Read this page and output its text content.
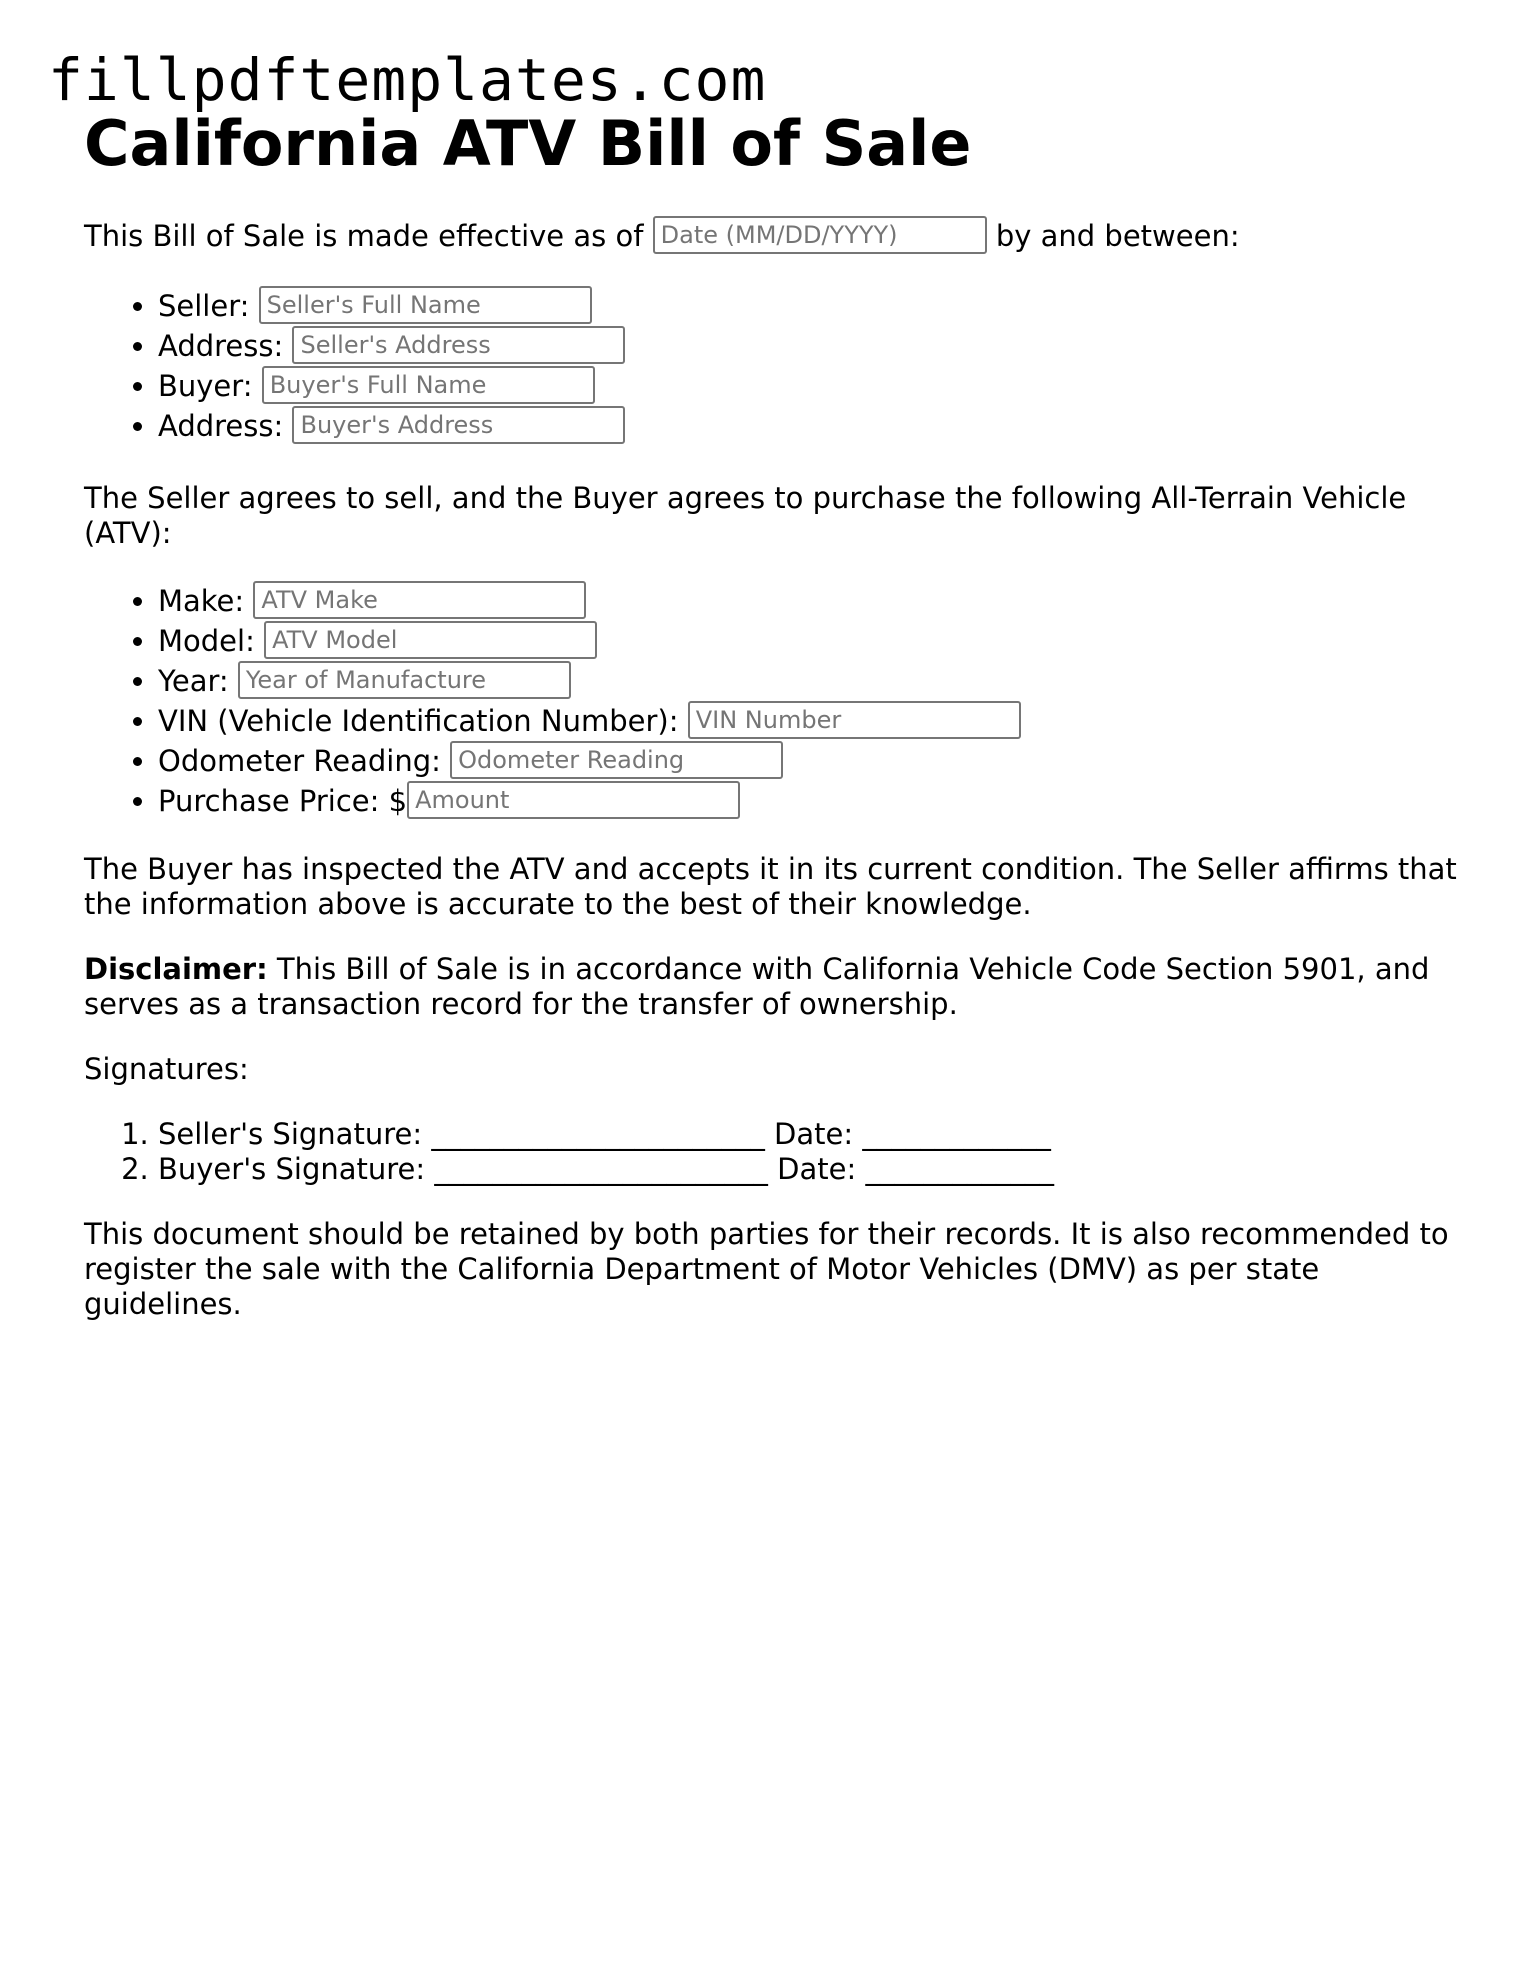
fillpdftemplates.com
California ATV Bill of Sale

This Bill of Sale is made effective as of Date (MM/DD/YYYY)	by and between:

• Seller: Seller's Full Name
• Address: Seller's Address
• Buyer: Buyer's Full Name
• Address: Buyer's Address

The Seller agrees to sell, and the Buyer agrees to purchase the following All-Terrain Vehicle (ATV):

• Make: ATV Make
• Model: ATV Model
• Year: Year of Manufacture
• VIN (Vehicle Identification Number): VIN Number
• Odometer Reading: Odometer Reading
• Purchase Price: $ Amount

The Buyer has inspected the ATV and accepts it in its current condition. The Seller affirms that the information above is accurate to the best of their knowledge.

Disclaimer: This Bill of Sale is in accordance with California Vehicle Code Section 5901, and serves as a transaction record for the transfer of ownership.

Signatures:

1. Seller's Signature: _______________________ Date: _____________
2. Buyer's Signature: _______________________ Date: _____________

This document should be retained by both parties for their records. It is also recommended to register the sale with the California Department of Motor Vehicles (DMV) as per state guidelines.
